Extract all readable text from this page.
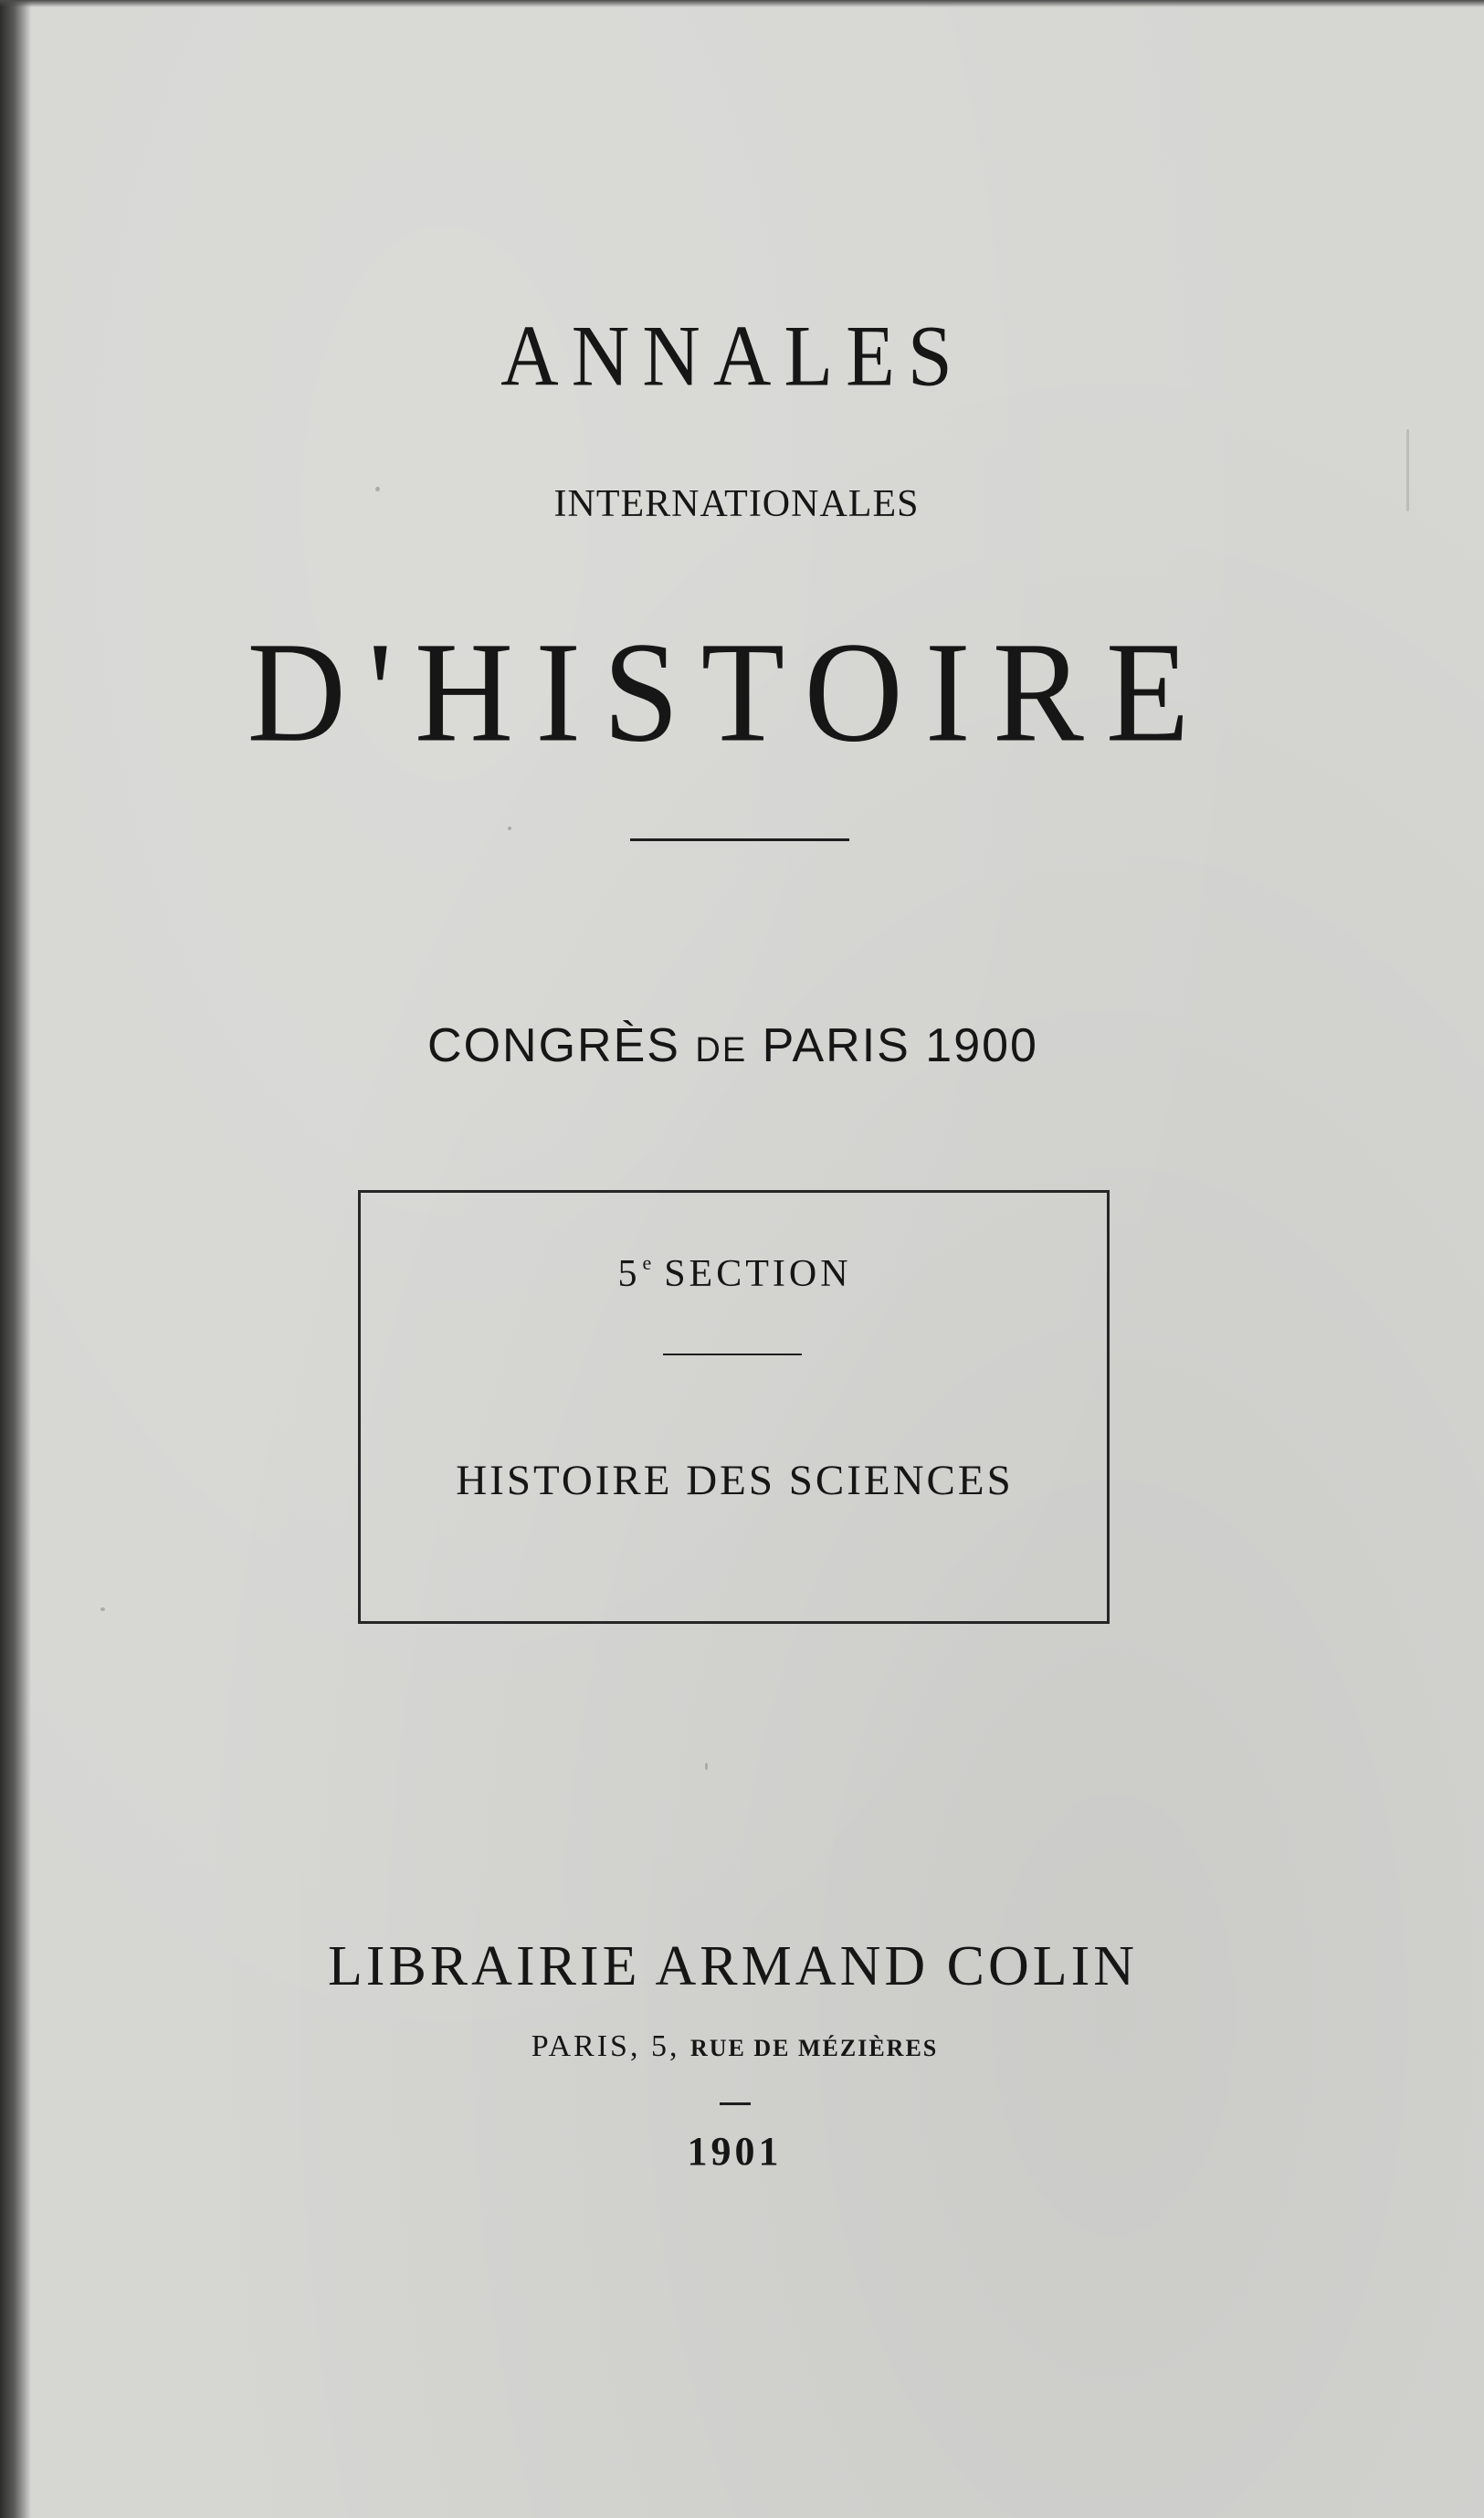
ANNALES
INTERNATIONALES
D'HISTOIRE
CONGRÈS DE PARIS 1900
5e SECTION
HISTOIRE DES SCIENCES
LIBRAIRIE ARMAND COLIN
PARIS, 5, RUE DE MÉZIÈRES
1901
